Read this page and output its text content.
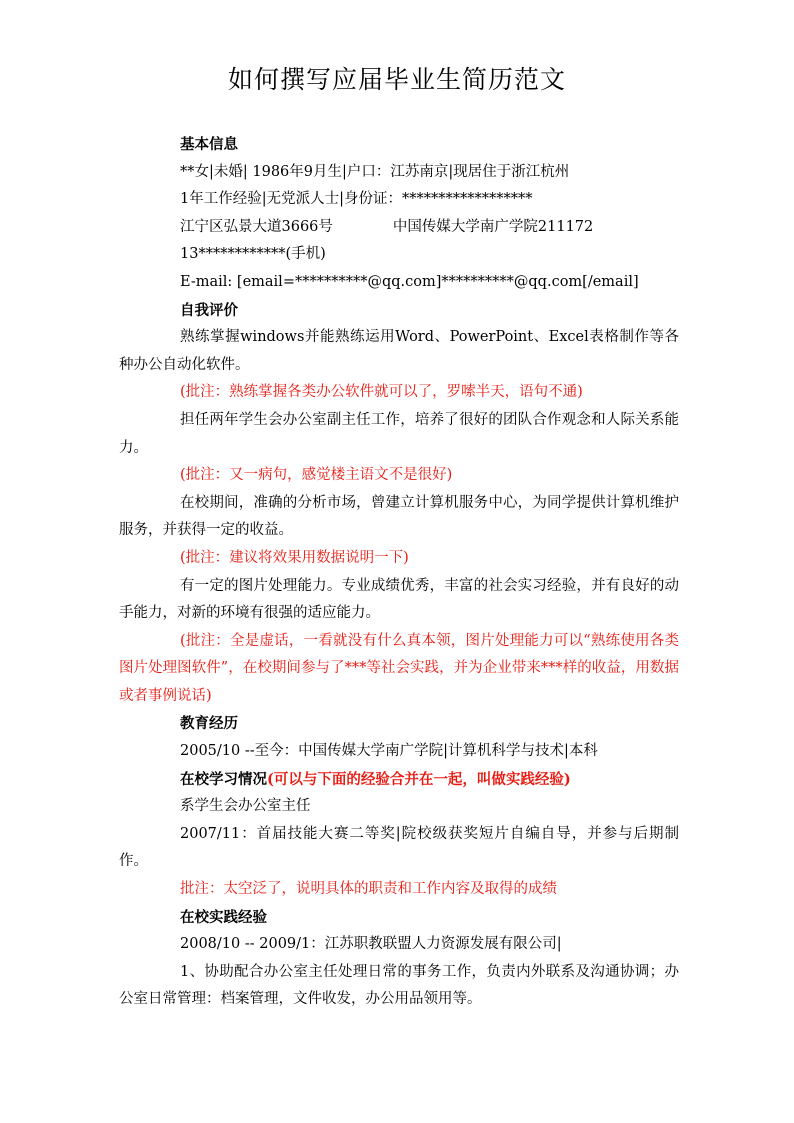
如何撰写应届毕业生简历范文
基本信息
**女|未婚| 1986年9月生|户口：江苏南京|现居住于浙江杭州
1年工作经验|无党派人士|身份证：******************
江宁区弘景大道3666号	中国传媒大学南广学院211172
13************(手机)
E-mail: [email=**********@qq.com]**********@qq.com[/email]
自我评价
熟练掌握windows并能熟练运用Word、PowerPoint、Excel表格制作等各种办公自动化软件。
(批注：熟练掌握各类办公软件就可以了，罗嗦半天，语句不通)
担任两年学生会办公室副主任工作，培养了很好的团队合作观念和人际关系能力。
(批注：又一病句，感觉楼主语文不是很好)
在校期间，准确的分析市场，曾建立计算机服务中心，为同学提供计算机维护服务，并获得一定的收益。
(批注：建议将效果用数据说明一下)
有一定的图片处理能力。专业成绩优秀，丰富的社会实习经验，并有良好的动手能力，对新的环境有很强的适应能力。
(批注：全是虚话，一看就没有什么真本领，图片处理能力可以“熟练使用各类图片处理图软件”，在校期间参与了***等社会实践，并为企业带来***样的收益，用数据或者事例说话)
教育经历
2005/10 --至今：中国传媒大学南广学院|计算机科学与技术|本科
在校学习情况(可以与下面的经验合并在一起，叫做实践经验)
系学生会办公室主任
2007/11：首届技能大赛二等奖|院校级获奖短片自编自导，并参与后期制作。
批注：太空泛了，说明具体的职责和工作内容及取得的成绩
在校实践经验
2008/10 -- 2009/1：江苏职教联盟人力资源发展有限公司|
1、协助配合办公室主任处理日常的事务工作，负责内外联系及沟通协调；办公室日常管理：档案管理，文件收发，办公用品领用等。
